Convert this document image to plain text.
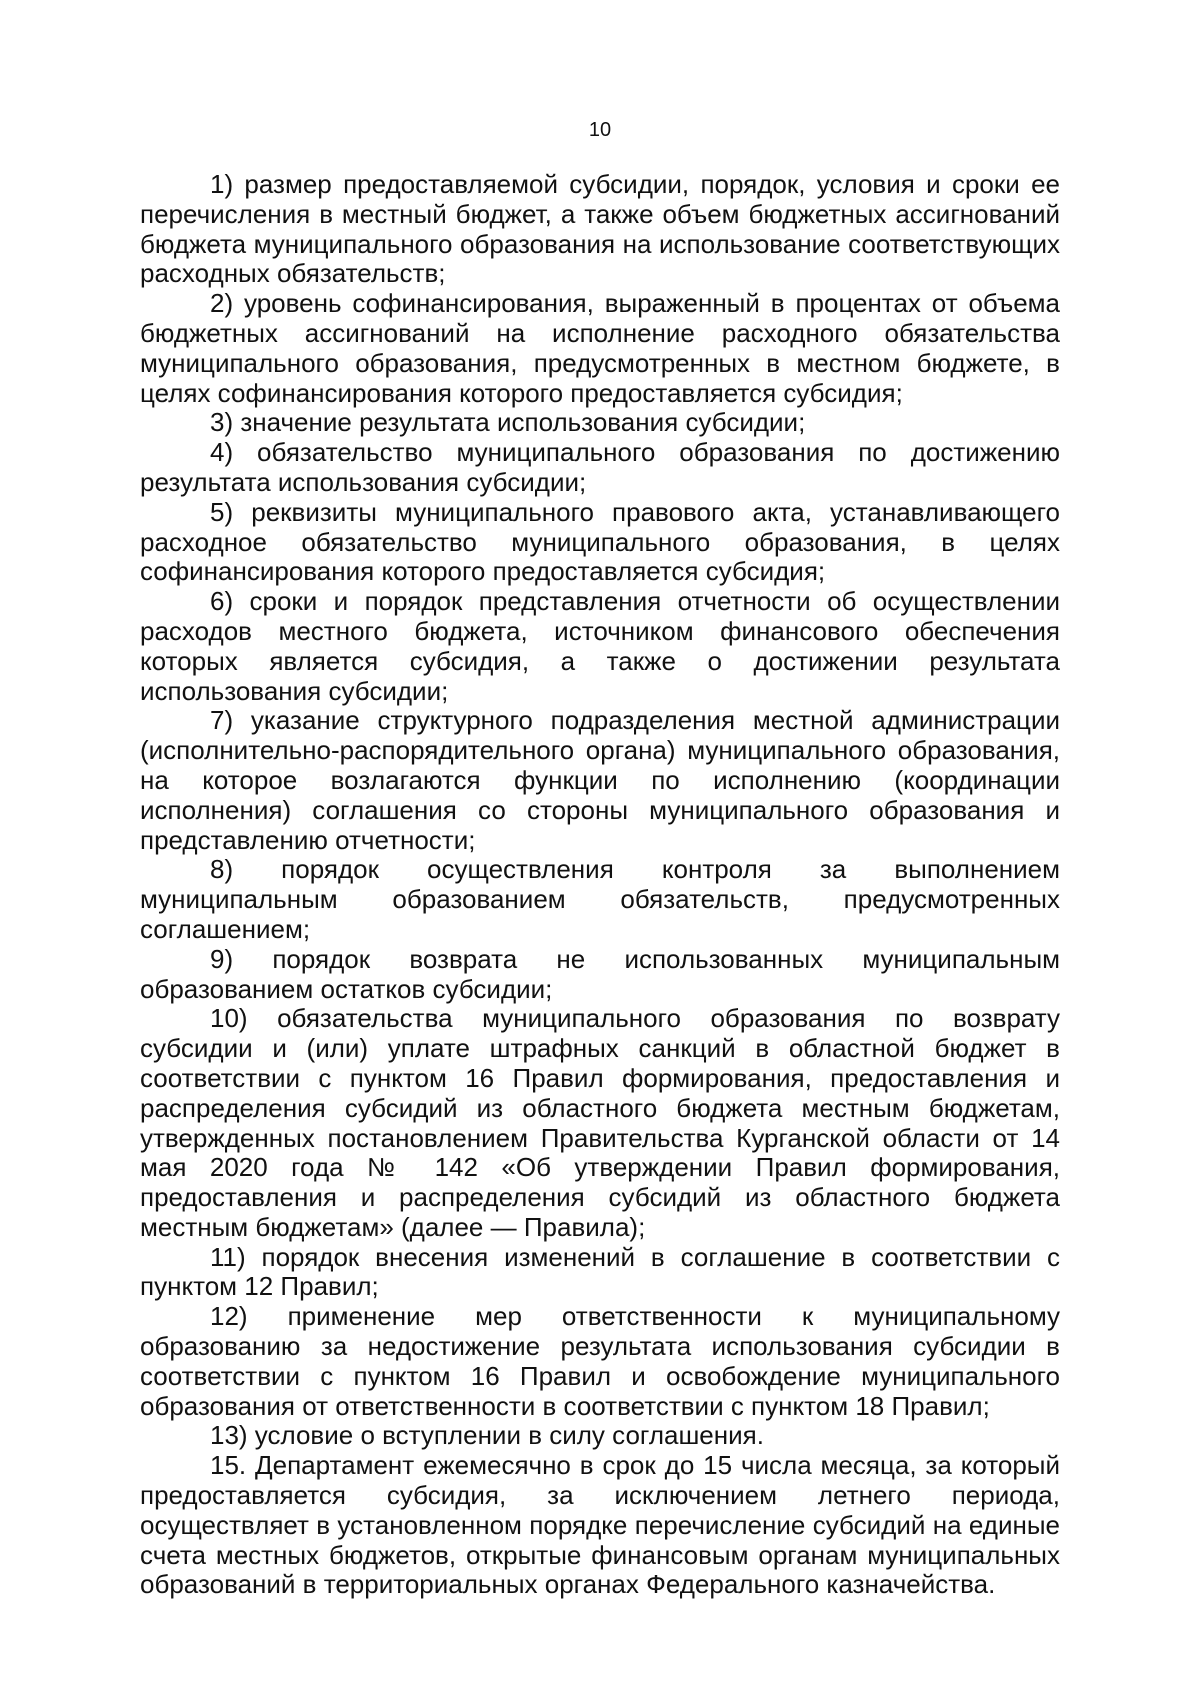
10

1) размер предоставляемой субсидии, порядок, условия и сроки ее перечисления в местный бюджет, а также объем бюджетных ассигнований бюджета муниципального образования на использование соответствующих расходных обязательств;

2) уровень софинансирования, выраженный в процентах от объема бюджетных ассигнований на исполнение расходного обязательства муниципального образования, предусмотренных в местном бюджете, в целях софинансирования которого предоставляется субсидия;

3) значение результата использования субсидии;

4) обязательство муниципального образования по достижению результата использования субсидии;

5) реквизиты муниципального правового акта, устанавливающего расходное обязательство муниципального образования, в целях софинансирования которого предоставляется субсидия;

6) сроки и порядок представления отчетности об осуществлении расходов местного бюджета, источником финансового обеспечения которых является субсидия, а также о достижении результата использования субсидии;

7) указание структурного подразделения местной администрации (исполнительно-распорядительного органа) муниципального образования, на которое возлагаются функции по исполнению (координации исполнения) соглашения со стороны муниципального образования и представлению отчетности;

8) порядок осуществления контроля за выполнением муниципальным образованием обязательств, предусмотренных соглашением;

9) порядок возврата не использованных муниципальным образованием остатков субсидии;

10) обязательства муниципального образования по возврату субсидии и (или) уплате штрафных санкций в областной бюджет в соответствии с пунктом 16 Правил формирования, предоставления и распределения субсидий из областного бюджета местным бюджетам, утвержденных постановлением Правительства Курганской области от 14 мая 2020 года № 142 «Об утверждении Правил формирования, предоставления и распределения субсидий из областного бюджета местным бюджетам» (далее — Правила);

11) порядок внесения изменений в соглашение в соответствии с пунктом 12 Правил;

12) применение мер ответственности к муниципальному образованию за недостижение результата использования субсидии в соответствии с пунктом 16 Правил и освобождение муниципального образования от ответственности в соответствии с пунктом 18 Правил;

13) условие о вступлении в силу соглашения.

15. Департамент ежемесячно в срок до 15 числа месяца, за который предоставляется субсидия, за исключением летнего периода, осуществляет в установленном порядке перечисление субсидий на единые счета местных бюджетов, открытые финансовым органам муниципальных образований в территориальных органах Федерального казначейства.
